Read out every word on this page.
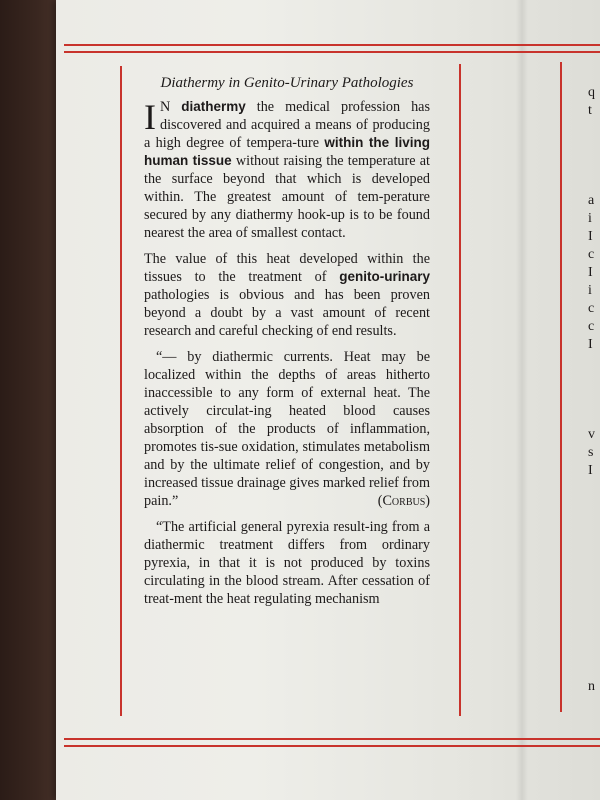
Diathermy in Genito-Urinary Pathologies

I N diathermy the medical profession has discovered and acquired a means of producing a high degree of tempera-ture within the living human tissue without raising the temperature at the surface beyond that which is developed within. The greatest amount of tem-perature secured by any diathermy hook-up is to be found nearest the area of smallest contact.

The value of this heat developed within the tissues to the treatment of genito-urinary pathologies is obvious and has been proven beyond a doubt by a vast amount of recent research and careful checking of end results.

“— by diathermic currents. Heat may be localized within the depths of areas hitherto inaccessible to any form of external heat. The actively circulat-ing heated blood causes absorption of the products of inflammation, promotes tis-sue oxidation, stimulates metabolism and by the ultimate relief of congestion, and by increased tissue drainage gives marked relief from pain.”	(Corbus)

“The artificial general pyrexia result-ing from a diathermic treatment differs from ordinary pyrexia, in that it is not produced by toxins circulating in the blood stream. After cessation of treat-ment the heat regulating mechanism

q
t
a
i
I
c
I
i
c
c
I
v
s
I
n
